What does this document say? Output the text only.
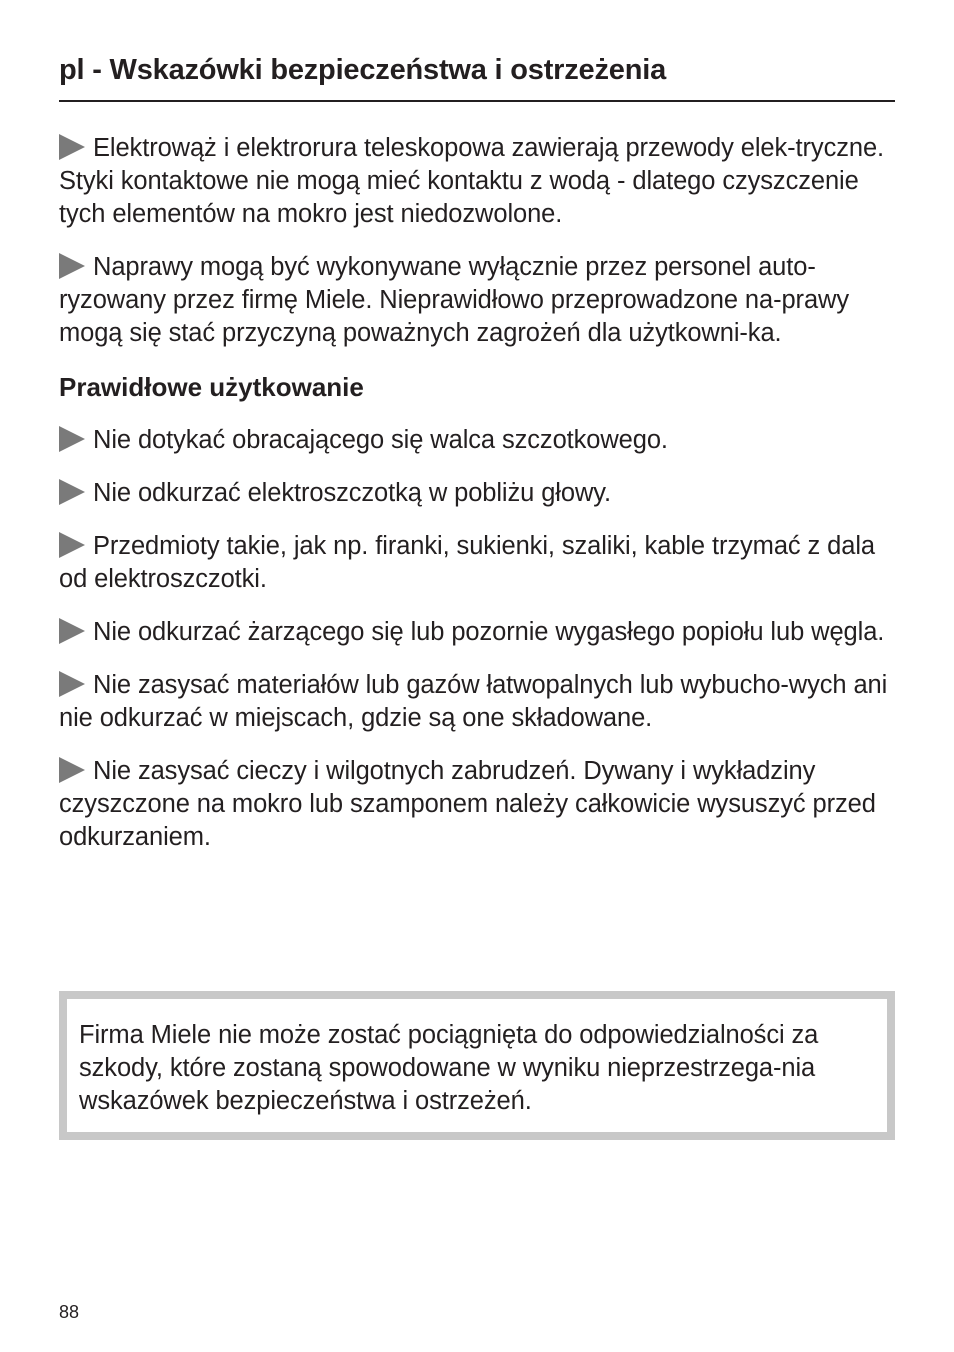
pl - Wskazówki bezpieczeństwa i ostrzeżenia

Elektrowąż i elektrorura teleskopowa zawierają przewody elek-tryczne. Styki kontaktowe nie mogą mieć kontaktu z wodą - dlatego czyszczenie tych elementów na mokro jest niedozwolone.

Naprawy mogą być wykonywane wyłącznie przez personel auto-ryzowany przez firmę Miele. Nieprawidłowo przeprowadzone na-prawy mogą się stać przyczyną poważnych zagrożeń dla użytkowni-ka.

Prawidłowe użytkowanie

Nie dotykać obracającego się walca szczotkowego.

Nie odkurzać elektroszczotką w pobliżu głowy.

Przedmioty takie, jak np. firanki, sukienki, szaliki, kable trzymać z dala od elektroszczotki.

Nie odkurzać żarzącego się lub pozornie wygasłego popiołu lub węgla.

Nie zasysać materiałów lub gazów łatwopalnych lub wybucho-wych ani nie odkurzać w miejscach, gdzie są one składowane.

Nie zasysać cieczy i wilgotnych zabrudzeń. Dywany i wykładziny czyszczone na mokro lub szamponem należy całkowicie wysuszyć przed odkurzaniem.

Firma Miele nie może zostać pociągnięta do odpowiedzialności za szkody, które zostaną spowodowane w wyniku nieprzestrzega-nia wskazówek bezpieczeństwa i ostrzeżeń.
88
